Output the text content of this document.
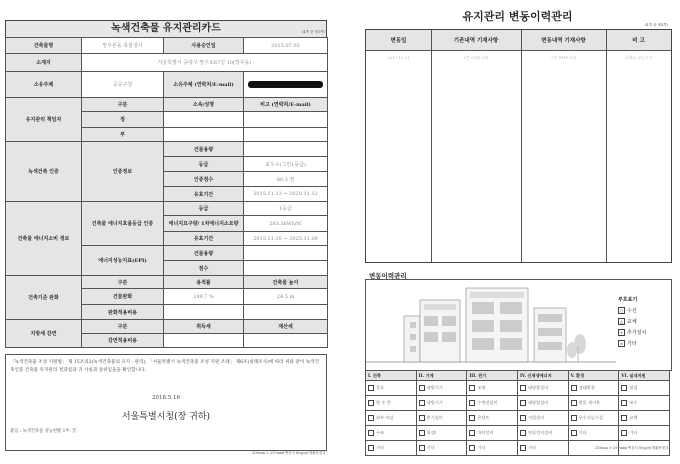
녹색건축물 유지관리카드	(4쪽 중 제1쪽)
건축물명	망우본동 복합청사	사용승인일	2015.07.02
소재지	서울특별시 중랑구 망우로67길 10(망우동)		
소유주체	공공구청	소유주체 (연락처/E-mail)	
유지관리 책임자	구분	소속/성명	비고 (연락처/E-mail)
	정		
	부		
녹색건축 인증	인증정보	건물용량	
		등급	최우수(그린1등급)
		인증점수	80.3 점
		유효기간	2015.11.13 ~ 2020.11.12
건축물 에너지소비 정보	건축물 에너지효율등급 인증	등급	1등급
		에너지요구량/ 1차에너지소요량	283.3kWh/㎡
		유효기간	2015.11.10 ~ 2025.11.09
	에너지성능지표(EPI)	건물용량	
		점수	
건축기준 완화	구분	용적률	건축물 높이
	건물완화	249.7 %	24.5 m
	완화적용비용		
지방세 감면	구분	취득세	재산세
	감면적용비용		
「녹색건축물 조성 지원법」 제 15조의2(녹색건축물의 유지 · 관리), 「서울특별시 녹색건축물 조성 지원 조례」 제6조(실태조사)에 따라 위와 같이 녹색건축인증 건축물 유지관리 결과업과 귀 사실과 상위임을을 확인합니다.
2018.5.16
서울특별시청(장 귀하)
붙임 : 녹색건축물 성능현황 1부. 끝.
210mm × 297mm[백상지 80g/㎡(재활용품)]
유지관리 변동이력관리
(4쪽 중 제4쪽)
변동일	기존내역 기재사항	변동내역 기재사항	비 고
2017.10.31	5층 GHP 5대	5층 EHP 5대	교체(노후)/기타
변동이력관리
부호표기
○ 수선
△ 교체
+ 추가설치
× 기타
I. 건축	II. 기계	III. 전기	IV. 신재생에너지	V. 환경	VI. 실내지원
창호	냉방기기	조명	태양광설비	생태환경	점검
방 수 층	냉방기기	수변전설비	태양열설비	빗물 재이용	보수
외부 마감	환기설비	콘센트	지열설비	우수저류시설	교체
구조	위생/	차단설비	연료전지설비	기타	기타
기타	기타	기타	기타			210mm × 297mm[백상지 80g/㎡(재활용품)]
